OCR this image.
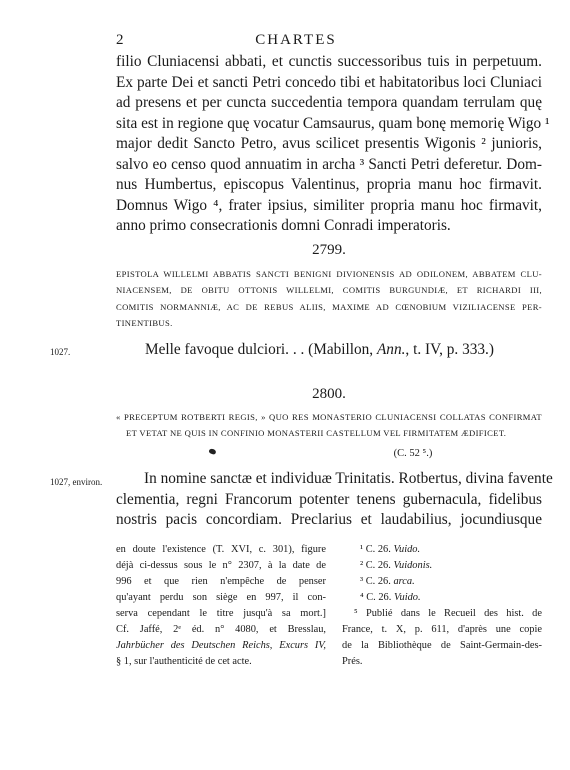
2	CHARTES
filio Cluniacensi abbati, et cunctis successoribus tuis in perpetuum.
Ex parte Dei et sancti Petri concedo tibi et habitatoribus loci Cluniaci
ad presens et per cuncta succedentia tempora quandam terrulam quę
sita est in regione quę vocatur Camsaurus, quam bonę memorię Wigo ¹
major dedit Sancto Petro, avus scilicet presentis Wigonis ² junioris,
salvo eo censo quod annuatim in archa ³ Sancti Petri deferetur. Dom-
nus Humbertus, episcopus Valentinus, propria manu hoc firmavit.
Domnus Wigo ⁴, frater ipsius, similiter propria manu hoc firmavit,
anno primo consecrationis domni Conradi imperatoris.
2799.
EPISTOLA WILLELMI ABBATIS SANCTI BENIGNI DIVIONENSIS AD ODILONEM, ABBATEM CLU-
NIACENSEM, DE OBITU OTTONIS WILLELMI, COMITIS BURGUNDIÆ, ET RICHARDI III,
COMITIS NORMANNIÆ, AC DE REBUS ALIIS, MAXIME AD CŒNOBIUM VIZILIACENSE PER-
TINENTIBUS.
1027.	Melle favoque dulciori. . . (Mabillon, Ann., t. IV, p. 333.)
2800.
« PRECEPTUM ROTBERTI REGIS, » QUO RES MONASTERIO CLUNIACENSI COLLATAS CONFIRMAT
ET VETAT NE QUIS IN CONFINIO MONASTERII CASTELLUM VEL FIRMITATEM ÆDIFICET.
(C. 52 ⁵.)
1027, environ.	In nomine sanctæ et individuæ Trinitatis. Rotbertus, divina favente
clementia, regni Francorum potenter tenens gubernacula, fidelibus
nostris pacis concordiam. Preclarius et laudabilius, jocundiusque
en doute l'existence (T. XVI, c. 301), figure
déjà ci-dessus sous le n° 2307, à la date de
996 et que rien n'empêche de penser
qu'ayant perdu son siège en 997, il con-
serva cependant le titre jusqu'à sa mort.]
Cf. Jaffé, 2ᵉ éd. n° 4080, et Bresslau,
Jahrbücher des Deutschen Reichs, Excurs IV,
§ 1, sur l'authenticité de cet acte.
¹ C. 26. Vuido.
² C. 26. Vuidonis.
³ C. 26. arca.
⁴ C. 26. Vuido.
⁵ Publié dans le Recueil des hist. de
France, t. X, p. 611, d'après une copie
de la Bibliothèque de Saint-Germain-des-
Prés.
